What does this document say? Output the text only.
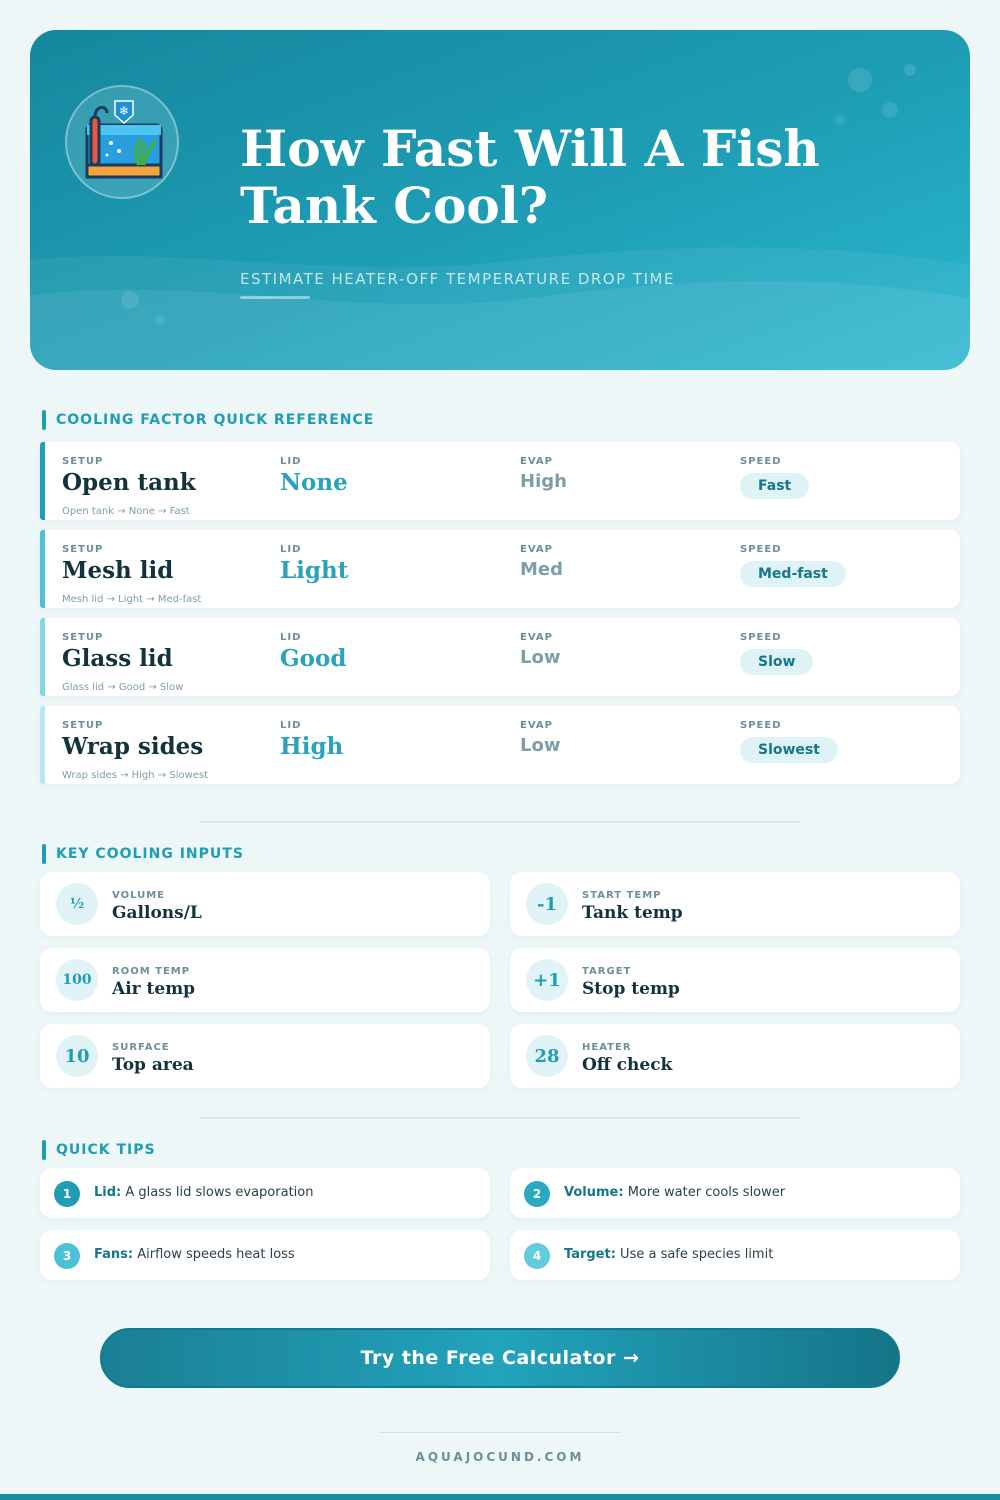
❄
How Fast Will A Fish Tank Cool?
ESTIMATE HEATER-OFF TEMPERATURE DROP TIME
COOLING FACTOR QUICK REFERENCE
SETUP
Open tank
LID
None
EVAP
High
SPEED
Fast
Open tank → None → Fast
SETUP
Mesh lid
LID
Light
EVAP
Med
SPEED
Med-fast
Mesh lid → Light → Med-fast
SETUP
Glass lid
LID
Good
EVAP
Low
SPEED
Slow
Glass lid → Good → Slow
SETUP
Wrap sides
LID
High
EVAP
Low
SPEED
Slowest
Wrap sides → High → Slowest
KEY COOLING INPUTS
½
VOLUME
Gallons/L	-1	START TEMP
Tank temp
100
ROOM TEMP
Air temp	+1	TARGET
Stop temp
10	SURFACE
Top area	28	HEATER
Off check
QUICK TIPS
1	Lid: A glass lid slows evaporation	2	Volume: More water cools slower
3	Fans: Airflow speeds heat loss	4	Target: Use a safe species limit
Try the Free Calculator →
AQUAJOCUND.COM
